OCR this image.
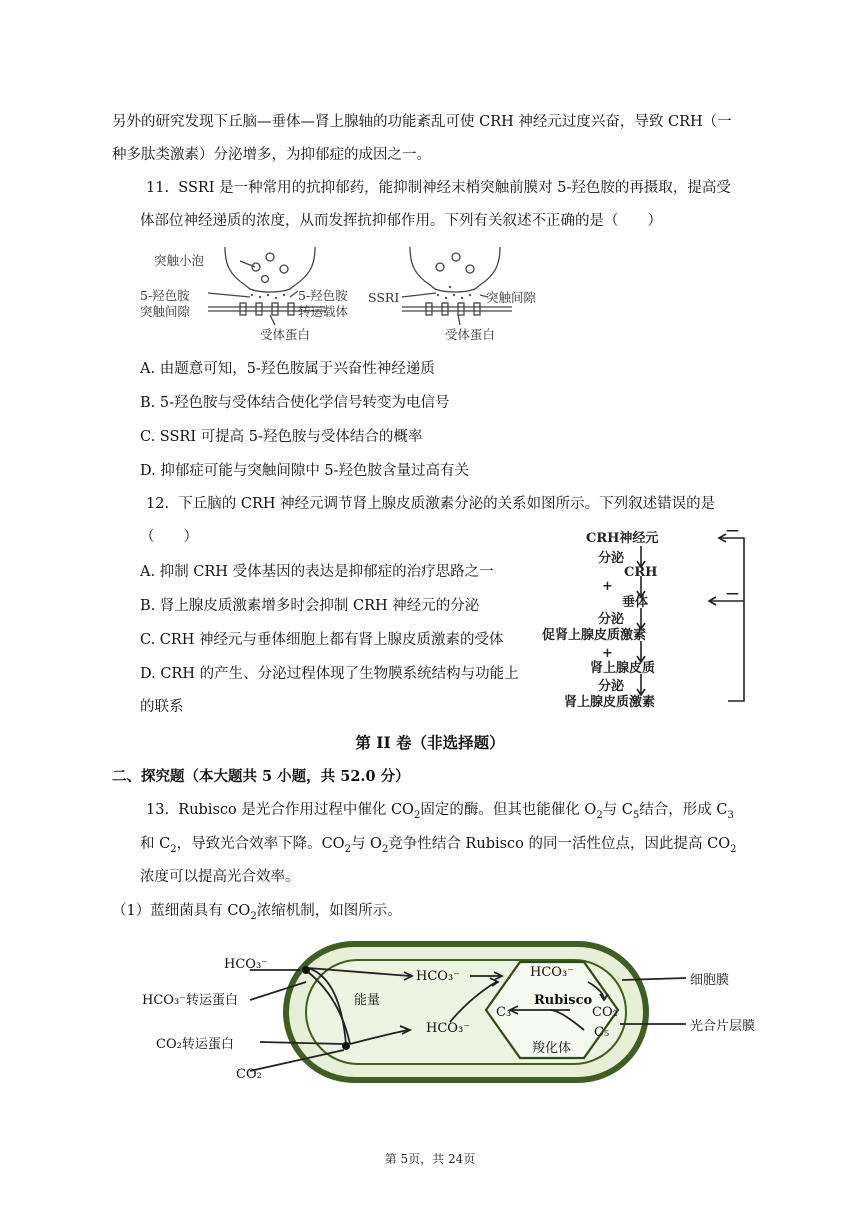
另外的研究发现下丘脑—垂体—肾上腺轴的功能紊乱可使 CRH 神经元过度兴奋，导致 CRH（一
种多肽类激素）分泌增多，为抑郁症的成因之一。
11. SSRI 是一种常用的抗抑郁药，能抑制神经末梢突触前膜对 5-羟色胺的再摄取，提高受
体部位神经递质的浓度，从而发挥抗抑郁作用。下列有关叙述不正确的是（　　）
突触小泡
5-羟色胺
突触间隙
5-羟色胺
转运载体
受体蛋白
SSRI	突触间隙
受体蛋白
A. 由题意可知，5-羟色胺属于兴奋性神经递质
B. 5-羟色胺与受体结合使化学信号转变为电信号
C. SSRI 可提高 5-羟色胺与受体结合的概率
D. 抑郁症可能与突触间隙中 5-羟色胺含量过高有关
12. 下丘脑的 CRH 神经元调节肾上腺皮质激素分泌的关系如图所示。下列叙述错误的是
（　　）
A. 抑制 CRH 受体基因的表达是抑郁症的治疗思路之一
B. 肾上腺皮质激素增多时会抑制 CRH 神经元的分泌
C. CRH 神经元与垂体细胞上都有肾上腺皮质激素的受体
D. CRH 的产生、分泌过程体现了生物膜系统结构与功能上
的联系
CRH神经元
分泌
CRH
+
垂体
分泌
促肾上腺皮质激素
+
肾上腺皮质
分泌
肾上腺皮质激素
—
—
第 II 卷（非选择题）
二、探究题（本大题共 5 小题，共 52.0 分）
13. Rubisco 是光合作用过程中催化 $CO_2$固定的酶。但其也能催化 $O_2$与 $C_5$结合，形成 $C_3$
和 $C_2$，导致光合效率下降。$CO_2$与 $O_2$竞争性结合 Rubisco 的同一活性位点，因此提高 $CO_2$
浓度可以提高光合效率。
（1）蓝细菌具有 $CO_2$浓缩机制，如图所示。
HCO₃⁻
HCO₃⁻转运蛋白
CO₂转运蛋白
CO₂
能量
HCO₃⁻
HCO₃⁻
HCO₃⁻
Rubisco
C₃	CO₂
C₅
羧化体
细胞膜
光合片层膜
第 5页，共 24页
